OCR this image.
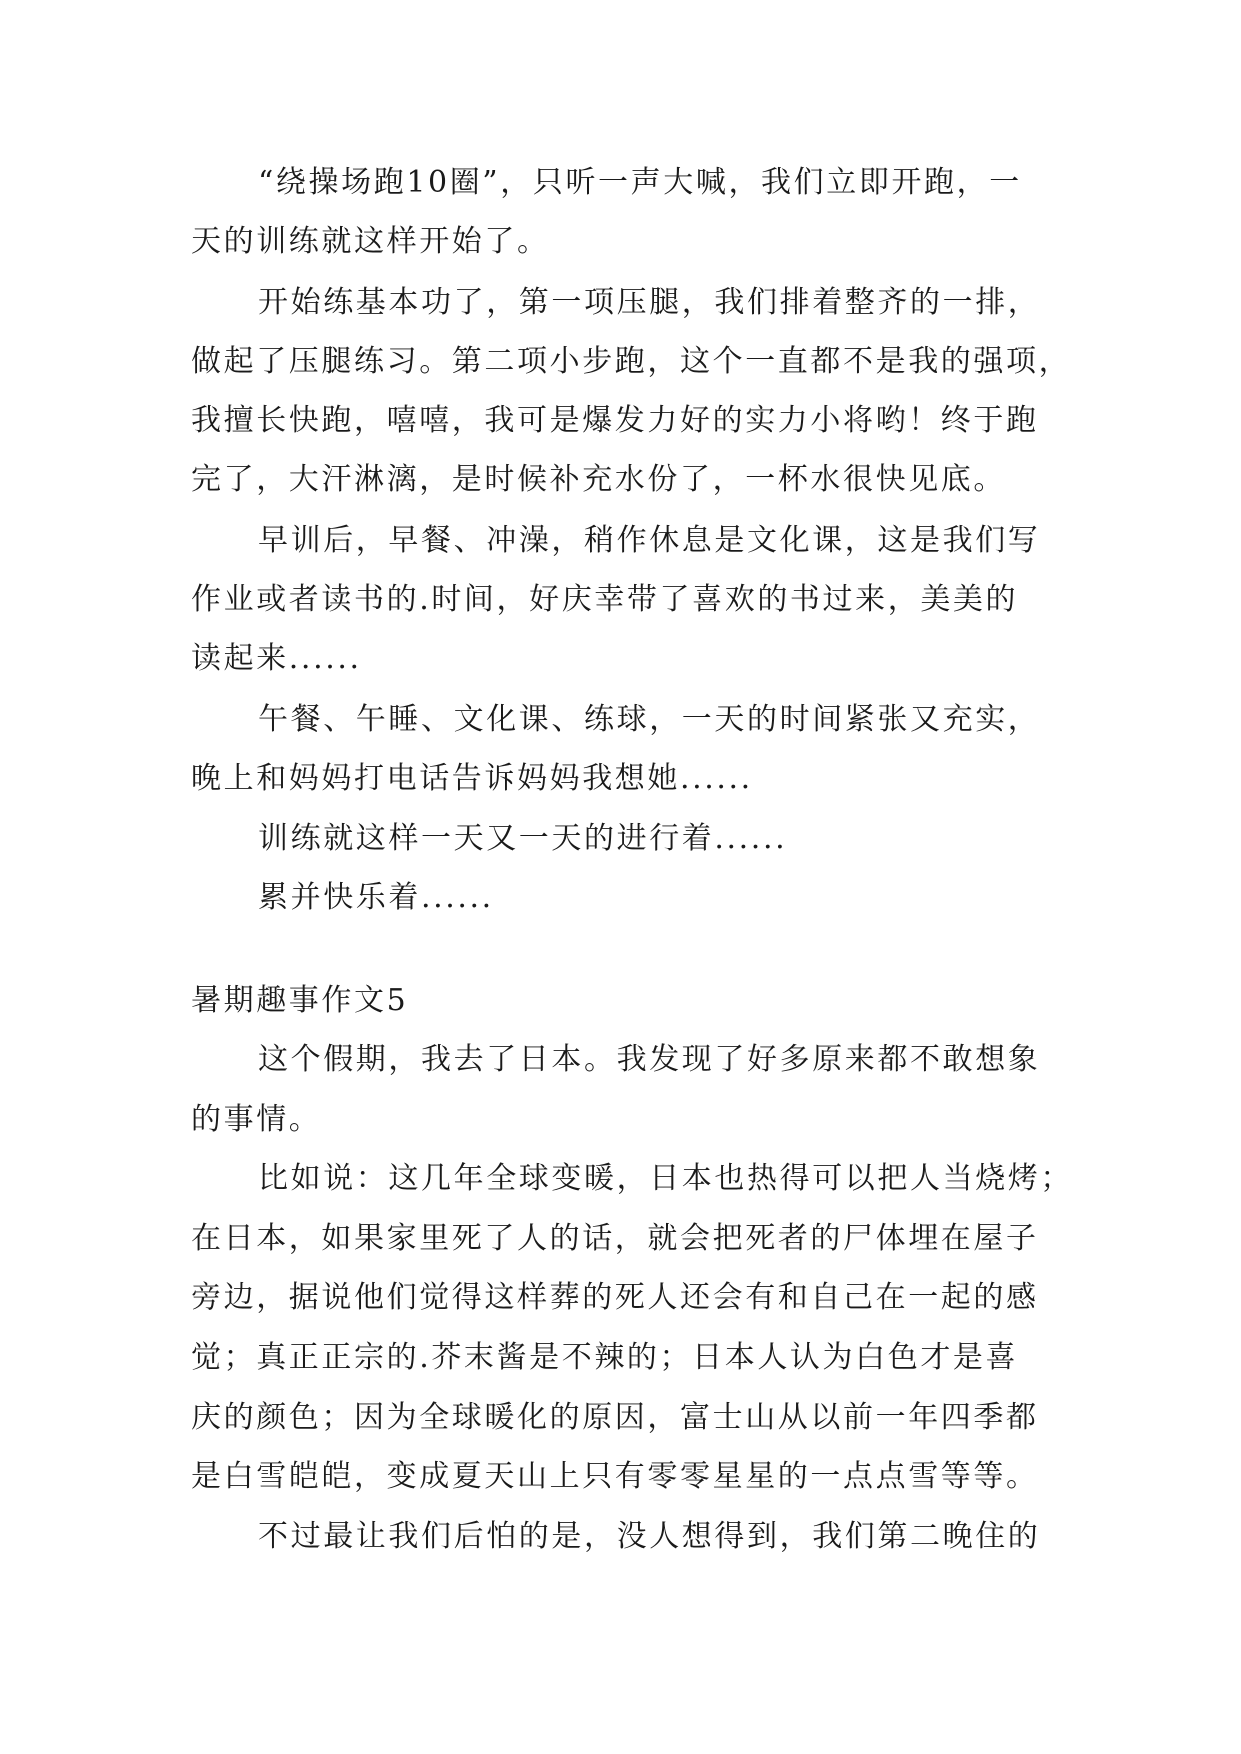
“绕操场跑10圈”，只听一声大喊，我们立即开跑，一
天的训练就这样开始了。
开始练基本功了，第一项压腿，我们排着整齐的一排，
做起了压腿练习。第二项小步跑，这个一直都不是我的强项，
我擅长快跑，嘻嘻，我可是爆发力好的实力小将哟！终于跑
完了，大汗淋漓，是时候补充水份了，一杯水很快见底。
早训后，早餐、冲澡，稍作休息是文化课，这是我们写
作业或者读书的.时间，好庆幸带了喜欢的书过来，美美的
读起来......
午餐、午睡、文化课、练球，一天的时间紧张又充实，
晚上和妈妈打电话告诉妈妈我想她......
训练就这样一天又一天的进行着......
累并快乐着......
暑期趣事作文5
这个假期，我去了日本。我发现了好多原来都不敢想象
的事情。
比如说：这几年全球变暖，日本也热得可以把人当烧烤；
在日本，如果家里死了人的话，就会把死者的尸体埋在屋子
旁边，据说他们觉得这样葬的死人还会有和自己在一起的感
觉；真正正宗的.芥末酱是不辣的；日本人认为白色才是喜
庆的颜色；因为全球暖化的原因，富士山从以前一年四季都
是白雪皑皑，变成夏天山上只有零零星星的一点点雪等等。
不过最让我们后怕的是，没人想得到，我们第二晚住的
